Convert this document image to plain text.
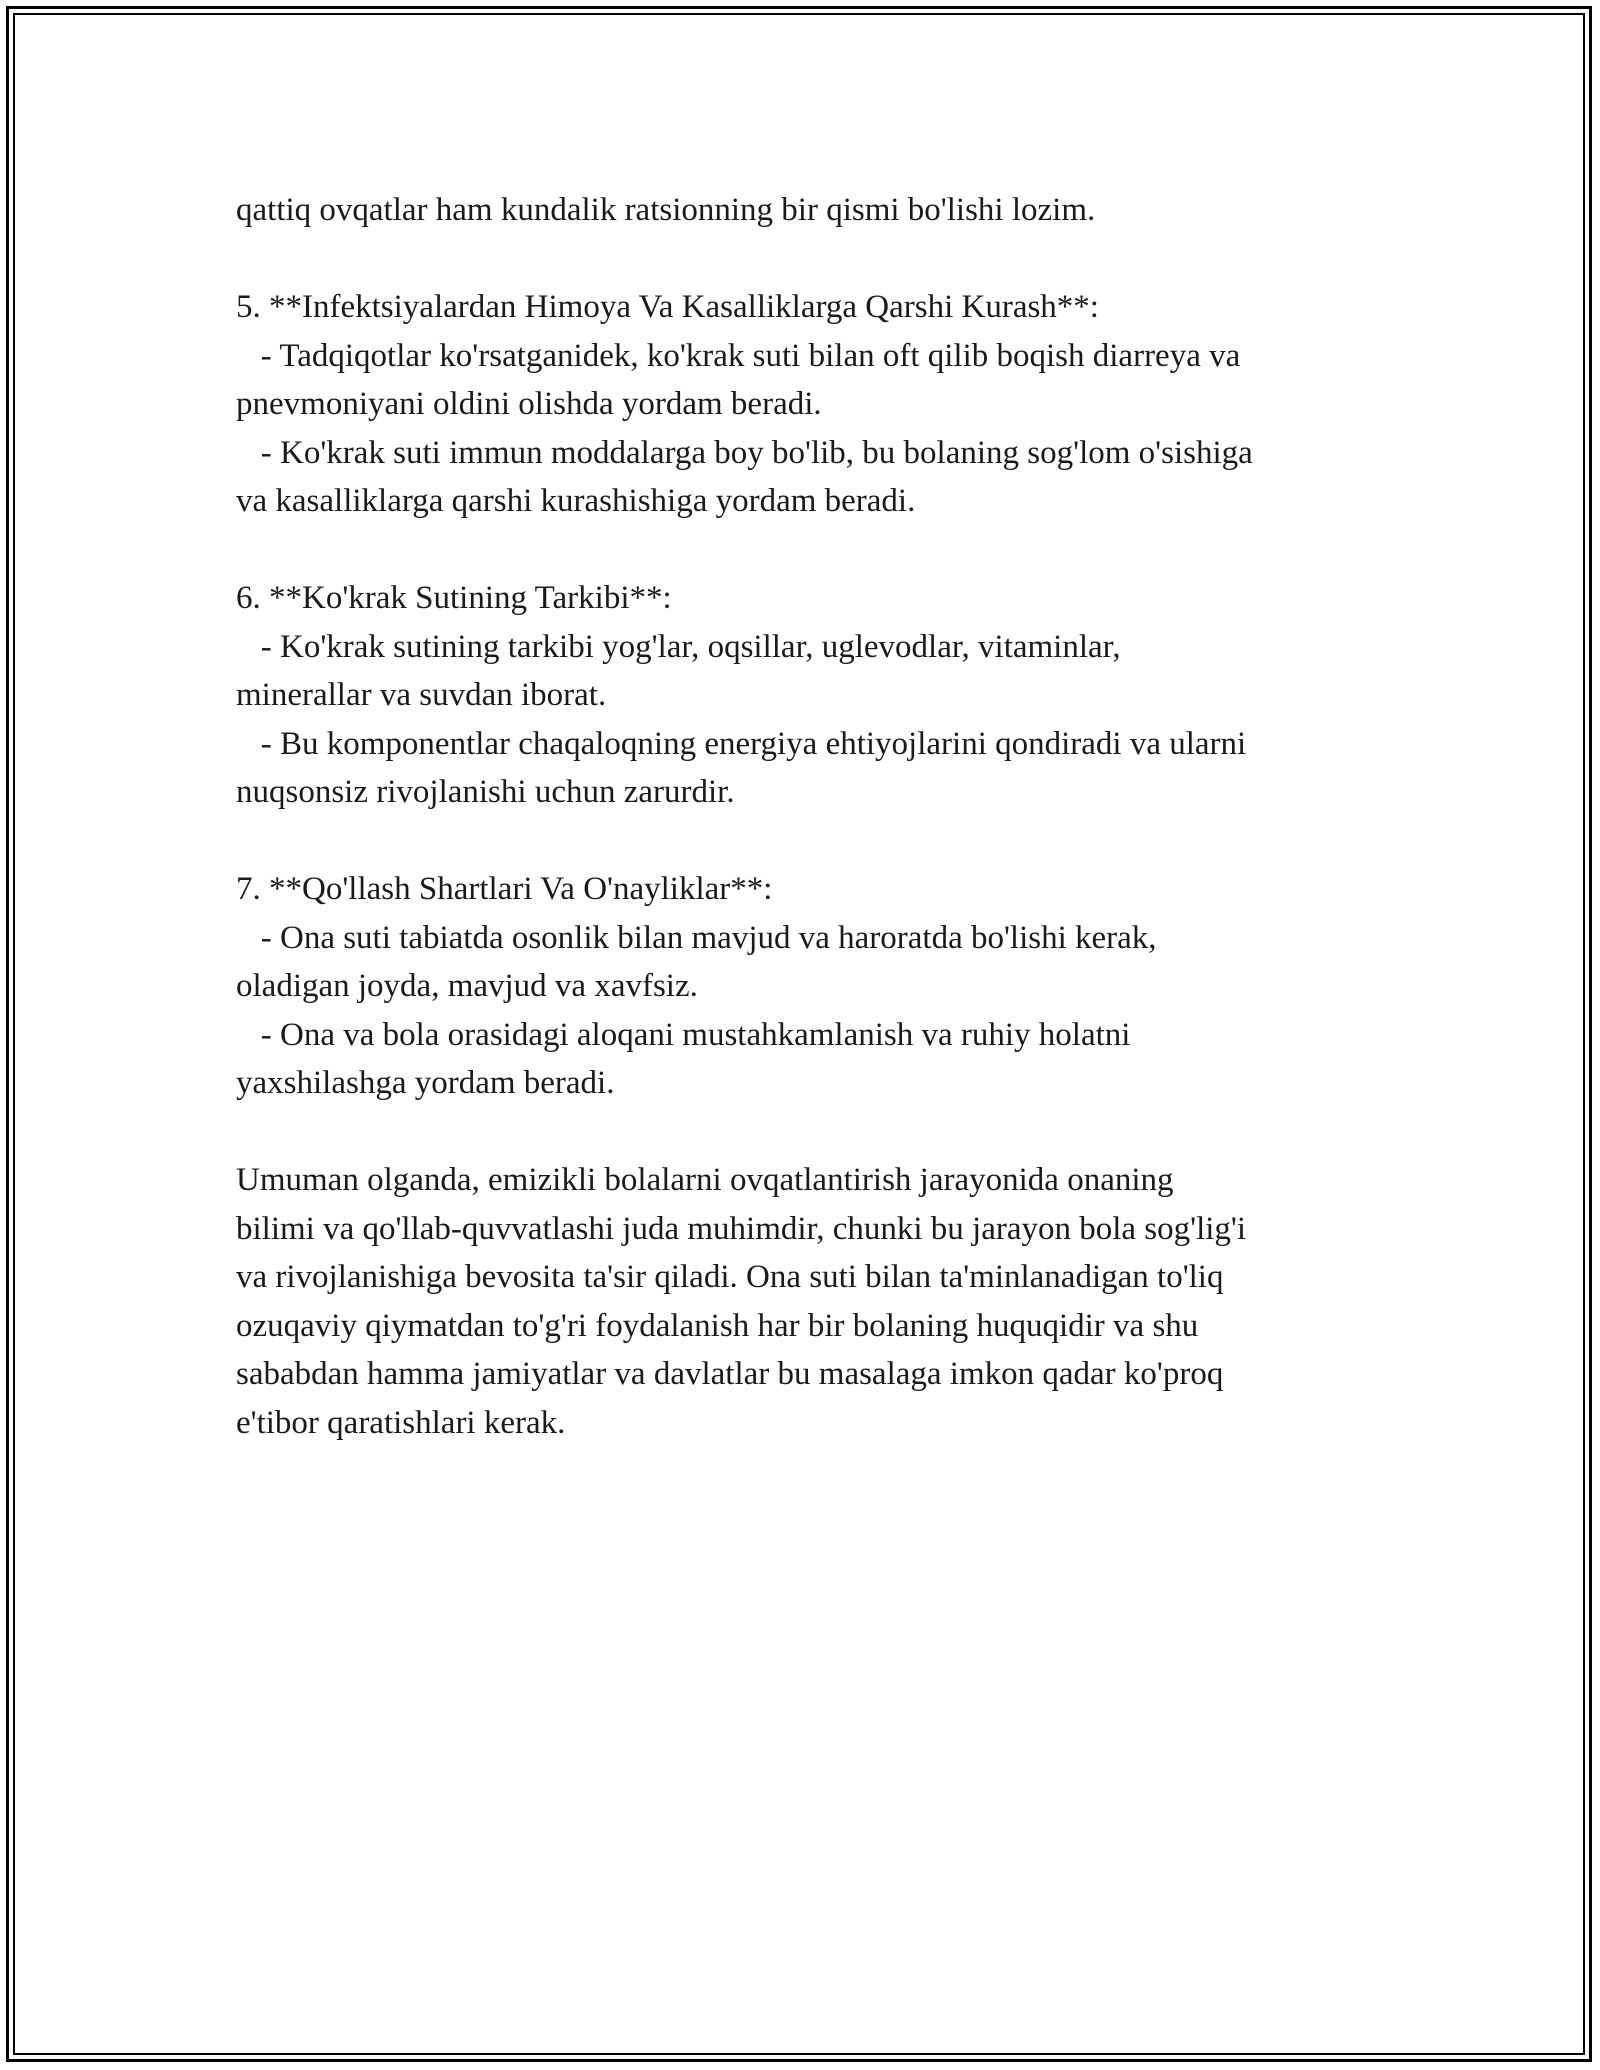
qattiq ovqatlar ham kundalik ratsionning bir qismi bo'lishi lozim.
5. **Infektsiyalardan Himoya Va Kasalliklarga Qarshi Kurash**:
- Tadqiqotlar ko'rsatganidek, ko'krak suti bilan oft qilib boqish diarreya va
pnevmoniyani oldini olishda yordam beradi.
- Ko'krak suti immun moddalarga boy bo'lib, bu bolaning sog'lom o'sishiga
va kasalliklarga qarshi kurashishiga yordam beradi.
6. **Ko'krak Sutining Tarkibi**:
- Ko'krak sutining tarkibi yog'lar, oqsillar, uglevodlar, vitaminlar,
minerallar va suvdan iborat.
- Bu komponentlar chaqaloqning energiya ehtiyojlarini qondiradi va ularni
nuqsonsiz rivojlanishi uchun zarurdir.
7. **Qo'llash Shartlari Va O'nayliklar**:
- Ona suti tabiatda osonlik bilan mavjud va haroratda bo'lishi kerak,
oladigan joyda, mavjud va xavfsiz.
- Ona va bola orasidagi aloqani mustahkamlanish va ruhiy holatni
yaxshilashga yordam beradi.
Umuman olganda, emizikli bolalarni ovqatlantirish jarayonida onaning
bilimi va qo'llab-quvvatlashi juda muhimdir, chunki bu jarayon bola sog'lig'i
va rivojlanishiga bevosita ta'sir qiladi. Ona suti bilan ta'minlanadigan to'liq
ozuqaviy qiymatdan to'g'ri foydalanish har bir bolaning huquqidir va shu
sababdan hamma jamiyatlar va davlatlar bu masalaga imkon qadar ko'proq
e'tibor qaratishlari kerak.
